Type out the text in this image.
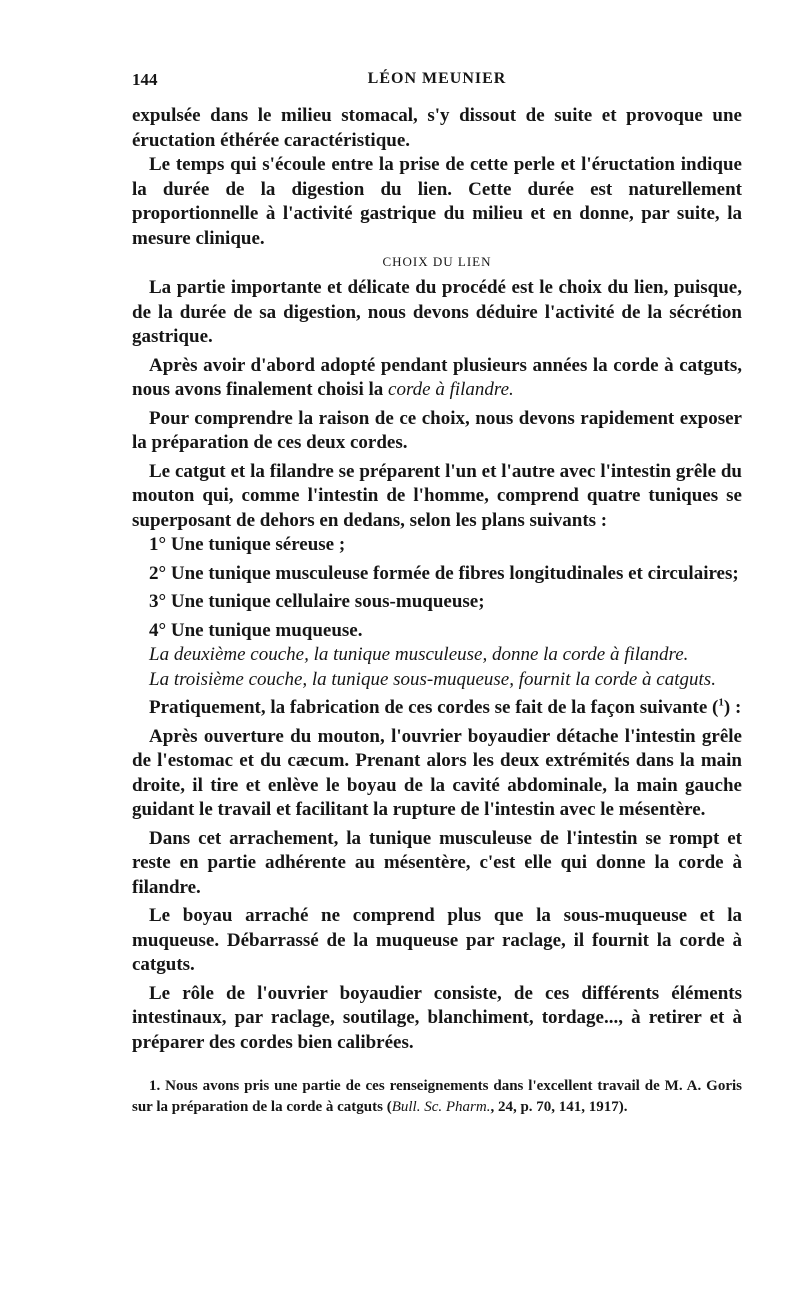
144	LÉON MEUNIER

expulsée dans le milieu stomacal, s'y dissout de suite et provoque une éructation éthérée caractéristique.

Le temps qui s'écoule entre la prise de cette perle et l'éructation indique la durée de la digestion du lien. Cette durée est naturellement proportionnelle à l'activité gastrique du milieu et en donne, par suite, la mesure clinique.

CHOIX DU LIEN

La partie importante et délicate du procédé est le choix du lien, puisque, de la durée de sa digestion, nous devons déduire l'activité de la sécrétion gastrique.

Après avoir d'abord adopté pendant plusieurs années la corde à catguts, nous avons finalement choisi la corde à filandre.

Pour comprendre la raison de ce choix, nous devons rapidement exposer la préparation de ces deux cordes.

Le catgut et la filandre se préparent l'un et l'autre avec l'intestin grêle du mouton qui, comme l'intestin de l'homme, comprend quatre tuniques se superposant de dehors en dedans, selon les plans suivants :

1° Une tunique séreuse ;

2° Une tunique musculeuse formée de fibres longitudinales et circulaires;

3° Une tunique cellulaire sous-muqueuse;

4° Une tunique muqueuse.

La deuxième couche, la tunique musculeuse, donne la corde à filandre.

La troisième couche, la tunique sous-muqueuse, fournit la corde à catguts.

Pratiquement, la fabrication de ces cordes se fait de la façon suivante ($^1$) :

Après ouverture du mouton, l'ouvrier boyaudier détache l'intestin grêle de l'estomac et du cæcum. Prenant alors les deux extrémités dans la main droite, il tire et enlève le boyau de la cavité abdominale, la main gauche guidant le travail et facilitant la rupture de l'intestin avec le mésentère.

Dans cet arrachement, la tunique musculeuse de l'intestin se rompt et reste en partie adhérente au mésentère, c'est elle qui donne la corde à filandre.

Le boyau arraché ne comprend plus que la sous-muqueuse et la muqueuse. Débarrassé de la muqueuse par raclage, il fournit la corde à catguts.

Le rôle de l'ouvrier boyaudier consiste, de ces différents éléments intestinaux, par raclage, soutilage, blanchiment, tordage..., à retirer et à préparer des cordes bien calibrées.

1. Nous avons pris une partie de ces renseignements dans l'excellent travail de M. A. Goris sur la préparation de la corde à catguts (Bull. Sc. Pharm., 24, p. 70, 141, 1917).
